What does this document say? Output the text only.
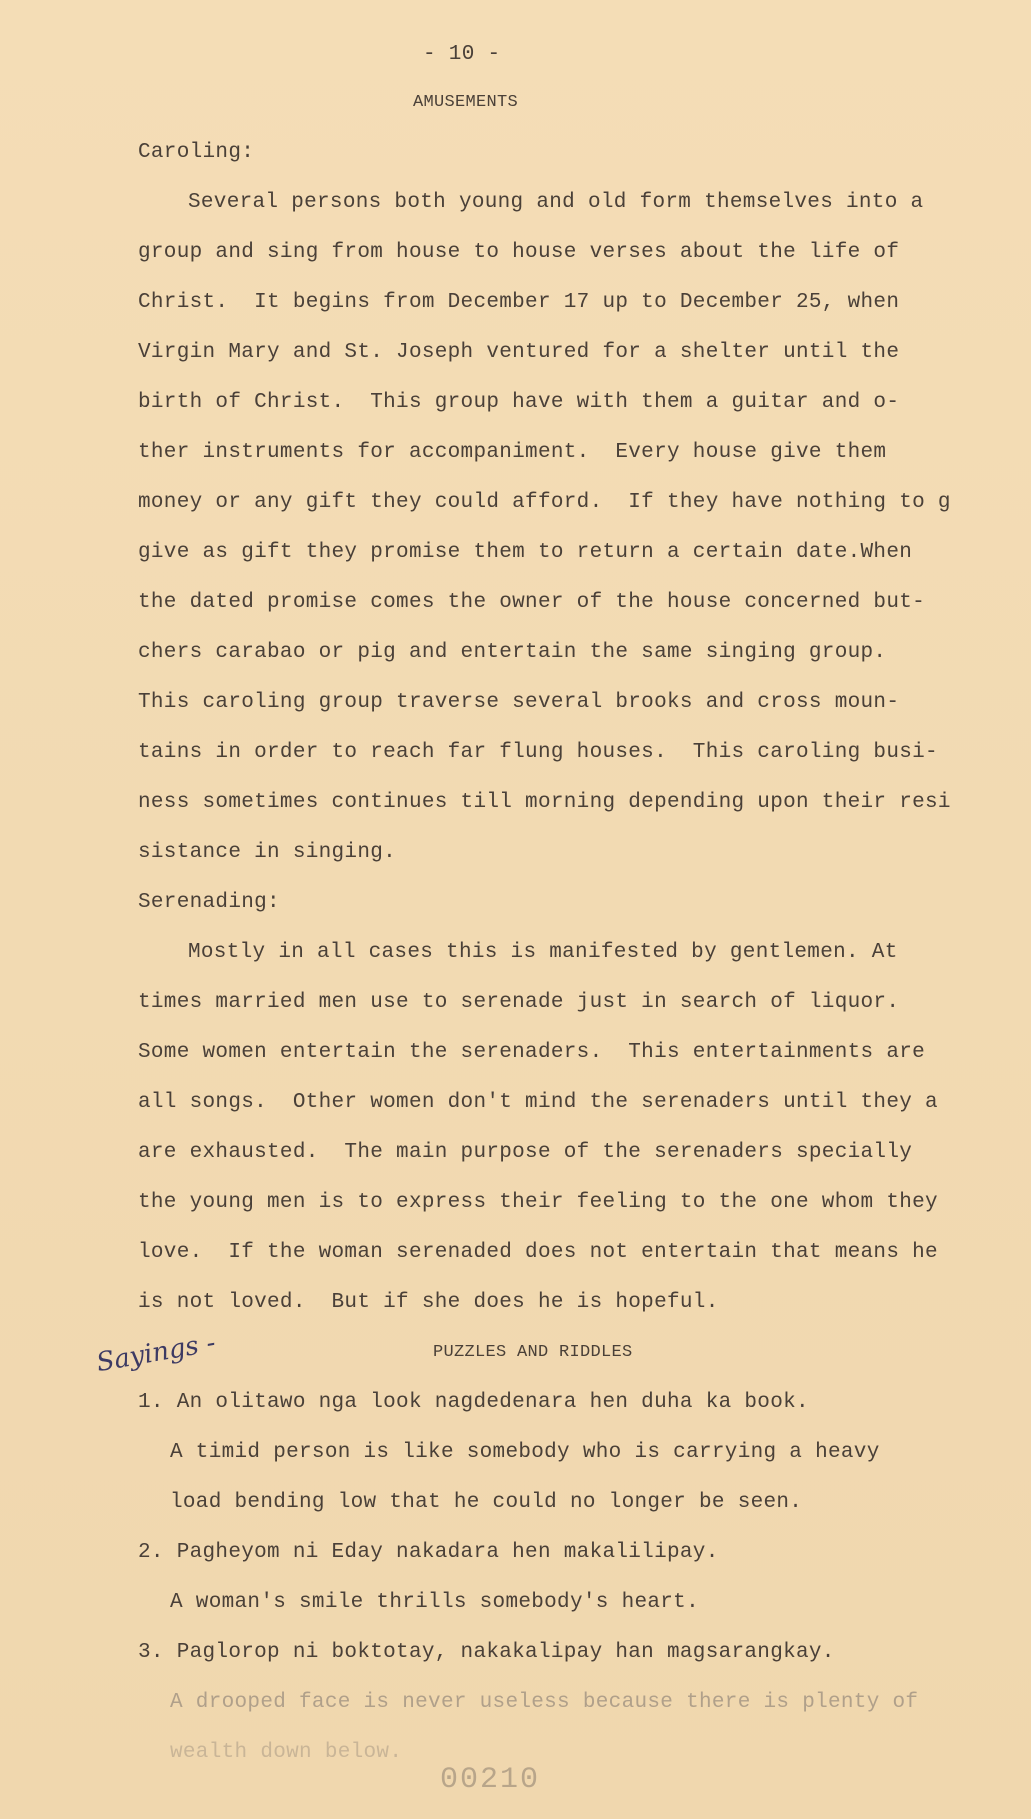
- 10 -
AMUSEMENTS
Caroling:
Several persons both young and old form themselves into a
group and sing from house to house verses about the life of
Christ.  It begins from December 17 up to December 25, when
Virgin Mary and St. Joseph ventured for a shelter until the
birth of Christ.  This group have with them a guitar and o-
ther instruments for accompaniment.  Every house give them
money or any gift they could afford.  If they have nothing to g
give as gift they promise them to return a certain date.When
the dated promise comes the owner of the house concerned but-
chers carabao or pig and entertain the same singing group.
This caroling group traverse several brooks and cross moun-
tains in order to reach far flung houses.  This caroling busi-
ness sometimes continues till morning depending upon their resi
sistance in singing.
Serenading:
Mostly in all cases this is manifested by gentlemen. At
times married men use to serenade just in search of liquor.
Some women entertain the serenaders.  This entertainments are
all songs.  Other women don't mind the serenaders until they a
are exhausted.  The main purpose of the serenaders specially
the young men is to express their feeling to the one whom they
love.  If the woman serenaded does not entertain that means he
is not loved.  But if she does he is hopeful.
PUZZLES AND RIDDLES
Sayings -
1. An olitawo nga look nagdedenara hen duha ka book.
A timid person is like somebody who is carrying a heavy
load bending low that he could no longer be seen.
2. Pagheyom ni Eday nakadara hen makalilipay.
A woman's smile thrills somebody's heart.
3. Paglorop ni boktotay, nakakalipay han magsarangkay.
A drooped face is never useless because there is plenty of
wealth down below.
00210
